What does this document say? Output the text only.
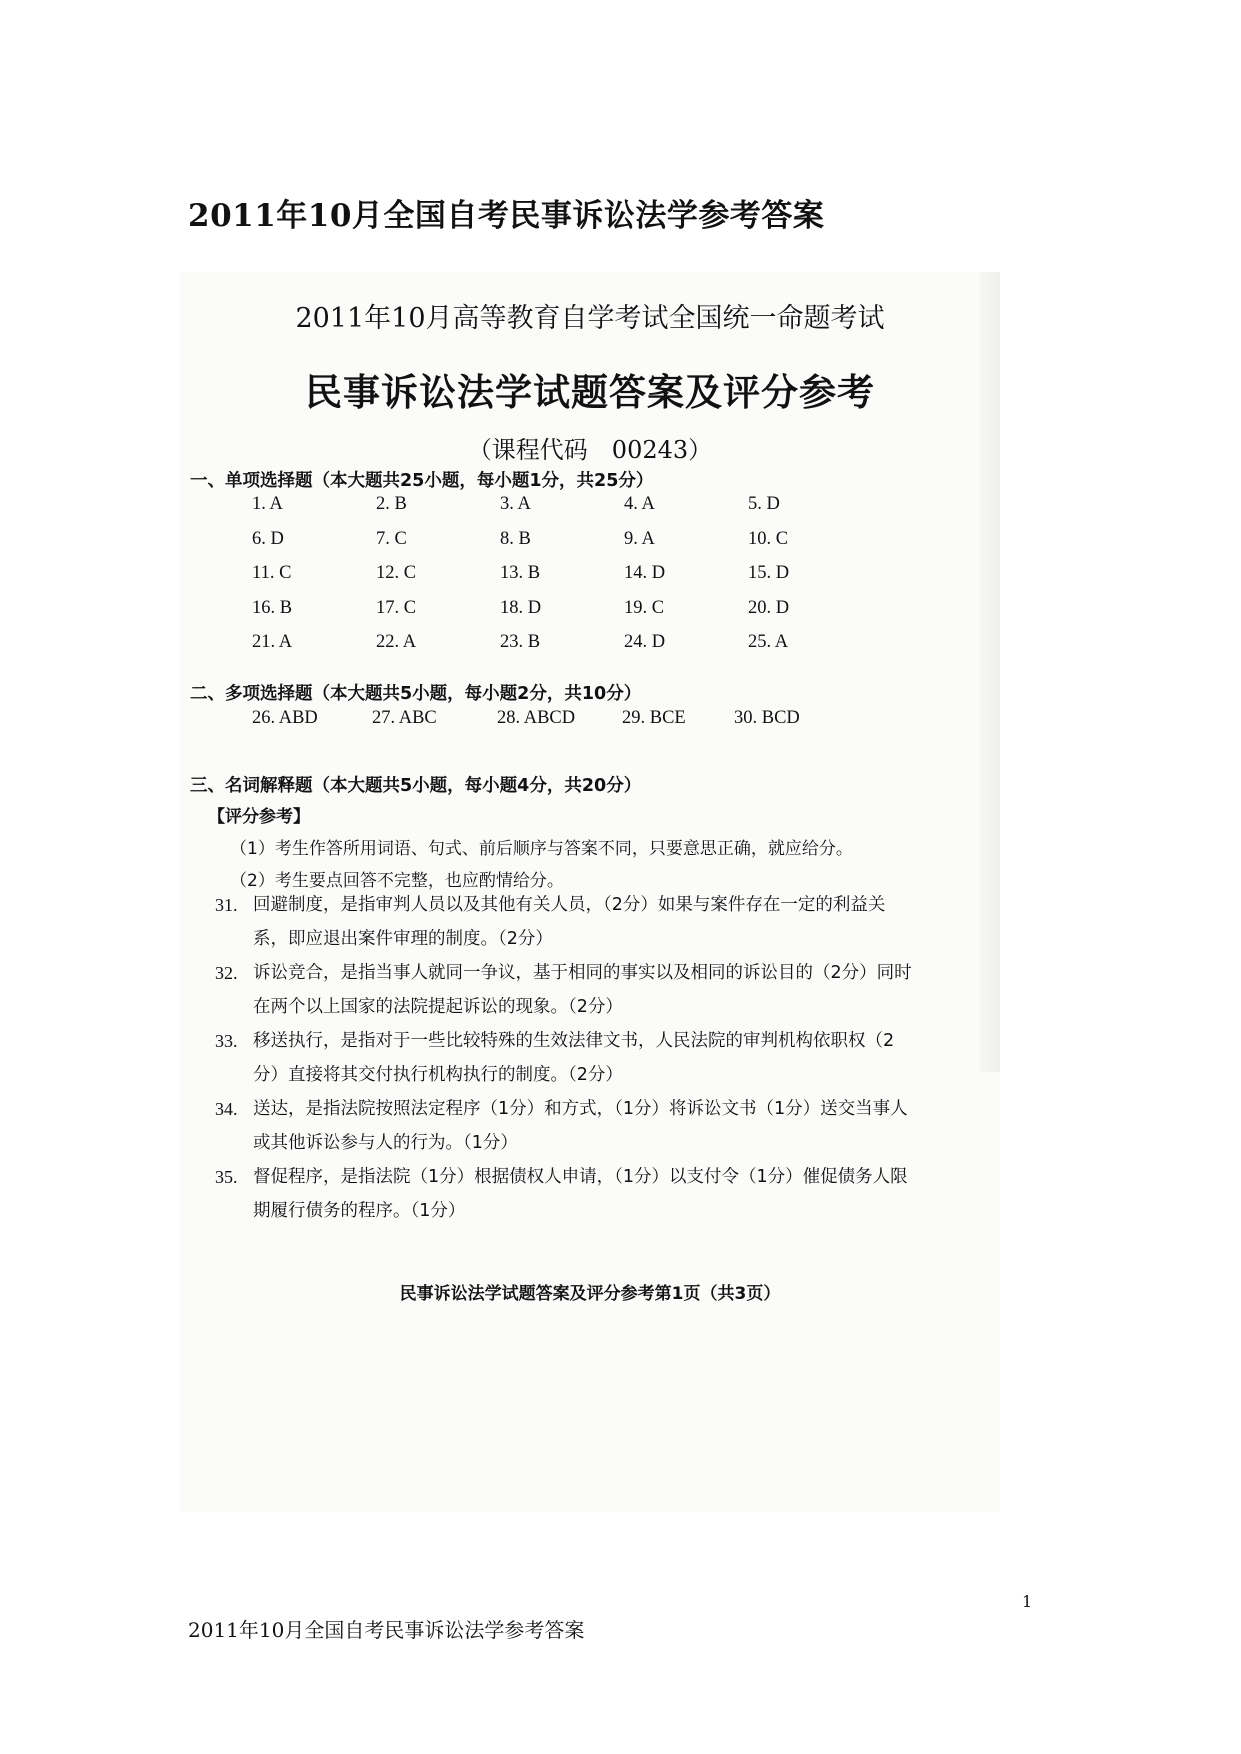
2011年10月全国自考民事诉讼法学参考答案
2011年10月高等教育自学考试全国统一命题考试
民事诉讼法学试题答案及评分参考
（课程代码　00243）
一、单项选择题（本大题共25小题，每小题1分，共25分）
1. A	2. B	3. A	4. A	5. D
6. D	7. C	8. B	9. A	10. C
11. C	12. C	13. B	14. D	15. D
16. B	17. C	18. D	19. C	20. D
21. A	22. A	23. B	24. D	25. A
二、多项选择题（本大题共5小题，每小题2分，共10分）
26. ABD	27. ABC	28. ABCD	29. BCE	30. BCD
三、名词解释题（本大题共5小题，每小题4分，共20分）
【评分参考】
（1）考生作答所用词语、句式、前后顺序与答案不同，只要意思正确，就应给分。
（2）考生要点回答不完整，也应酌情给分。
31. 回避制度，是指审判人员以及其他有关人员，（2分）如果与案件存在一定的利益关系，即应退出案件审理的制度。（2分）
32. 诉讼竞合，是指当事人就同一争议，基于相同的事实以及相同的诉讼目的（2分）同时在两个以上国家的法院提起诉讼的现象。（2分）
33. 移送执行，是指对于一些比较特殊的生效法律文书，人民法院的审判机构依职权（2分）直接将其交付执行机构执行的制度。（2分）
34. 送达，是指法院按照法定程序（1分）和方式，（1分）将诉讼文书（1分）送交当事人或其他诉讼参与人的行为。（1分）
35. 督促程序，是指法院（1分）根据债权人申请，（1分）以支付令（1分）催促债务人限期履行债务的程序。（1分）
民事诉讼法学试题答案及评分参考第1页（共3页）
1
2011年10月全国自考民事诉讼法学参考答案
